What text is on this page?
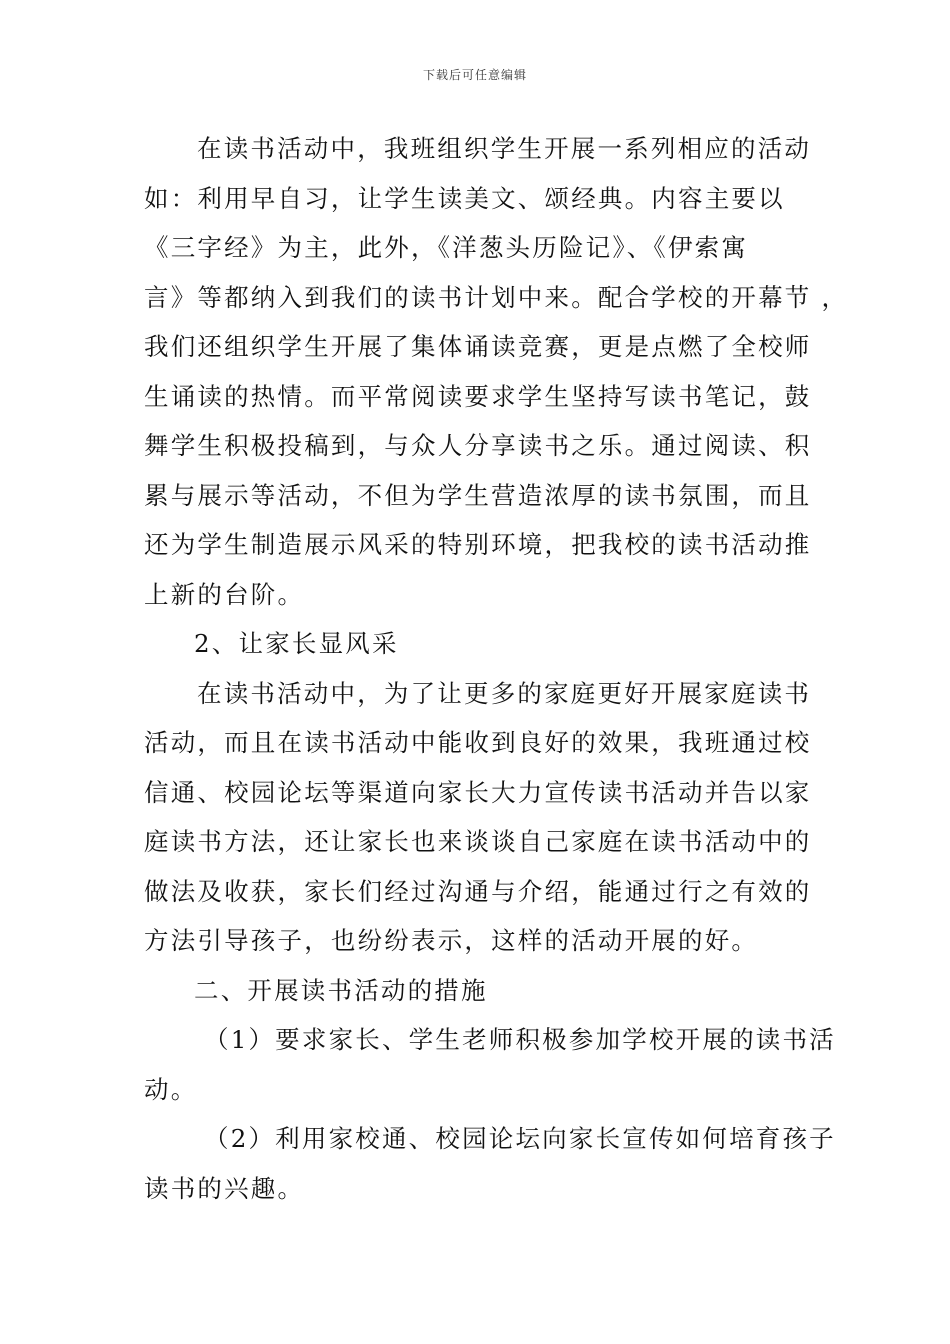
下载后可任意编辑
在读书活动中，我班组织学生开展一系列相应的活动
如：利用早自习，让学生读美文、颂经典。内容主要以
《三字经》为主，此外，《洋葱头历险记》、《伊索寓
言》等都纳入到我们的读书计划中来。配合学校的开幕节 ，
我们还组织学生开展了集体诵读竞赛，更是点燃了全校师
生诵读的热情。而平常阅读要求学生坚持写读书笔记，鼓
舞学生积极投稿到，与众人分享读书之乐。通过阅读、积
累与展示等活动，不但为学生营造浓厚的读书氛围，而且
还为学生制造展示风采的特别环境，把我校的读书活动推
上新的台阶。
2、让家长显风采
在读书活动中，为了让更多的家庭更好开展家庭读书
活动，而且在读书活动中能收到良好的效果，我班通过校
信通、校园论坛等渠道向家长大力宣传读书活动并告以家
庭读书方法，还让家长也来谈谈自己家庭在读书活动中的
做法及收获，家长们经过沟通与介绍，能通过行之有效的
方法引导孩子，也纷纷表示，这样的活动开展的好。
二、开展读书活动的措施
（1）要求家长、学生老师积极参加学校开展的读书活
动。
（2）利用家校通、校园论坛向家长宣传如何培育孩子
读书的兴趣。
